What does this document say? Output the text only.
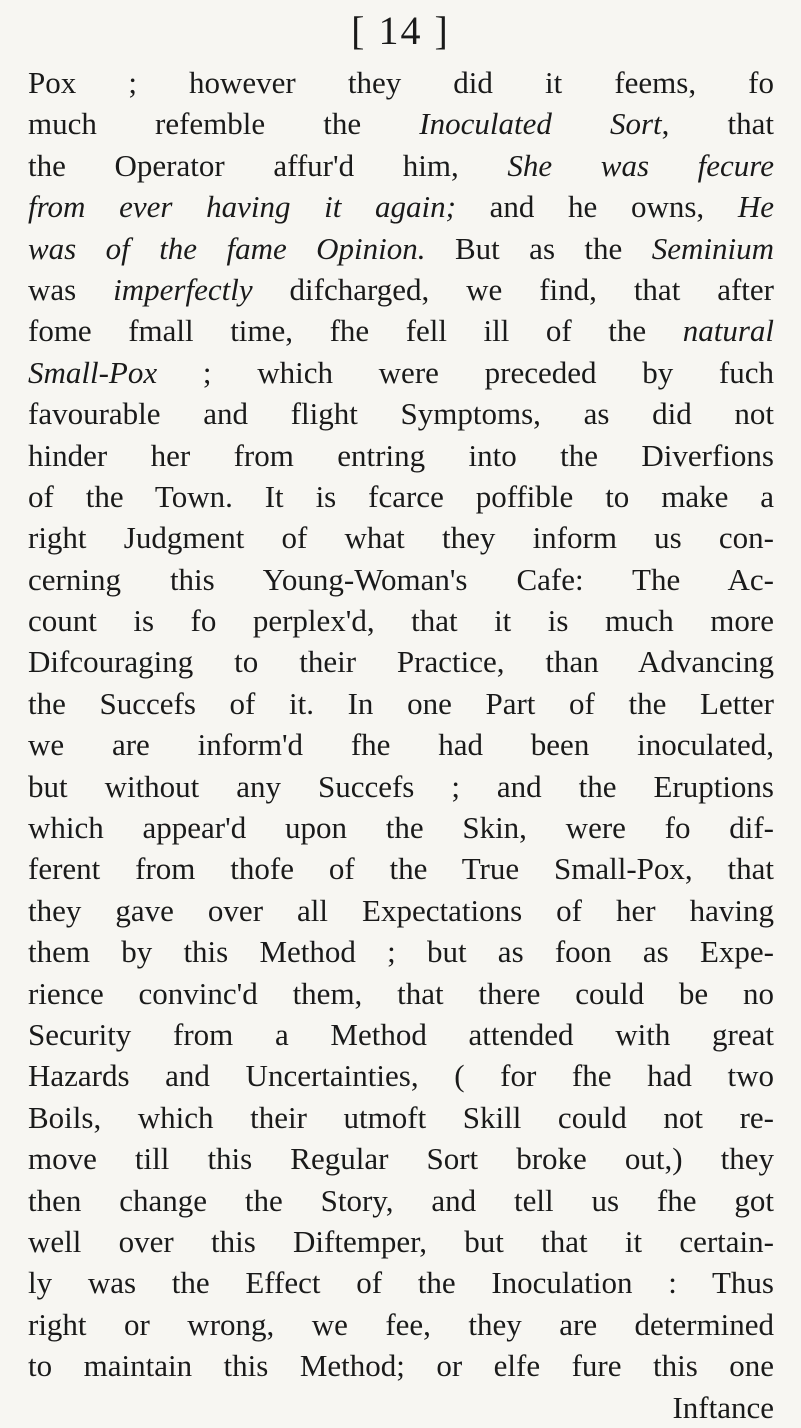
[ 14 ]
Pox ; however they did it feems, fo
much refemble the Inoculated Sort, that
the Operator affur'd him, She was fecure
from ever having it again; and he owns, He
was of the fame Opinion. But as the Seminium
was imperfectly difcharged, we find, that after
fome fmall time, fhe fell ill of the natural
Small-Pox ; which were preceded by fuch
favourable and flight Symptoms, as did not
hinder her from entring into the Diverfions
of the Town. It is fcarce poffible to make a
right Judgment of what they inform us con-
cerning this Young-Woman's Cafe: The Ac-
count is fo perplex'd, that it is much more
Difcouraging to their Practice, than Advancing
the Succefs of it. In one Part of the Letter
we are inform'd fhe had been inoculated,
but without any Succefs ; and the Eruptions
which appear'd upon the Skin, were fo dif-
ferent from thofe of the True Small-Pox, that
they gave over all Expectations of her having
them by this Method ; but as foon as Expe-
rience convinc'd them, that there could be no
Security from a Method attended with great
Hazards and Uncertainties, ( for fhe had two
Boils, which their utmoft Skill could not re-
move till this Regular Sort broke out,) they
then change the Story, and tell us fhe got
well over this Diftemper, but that it certain-
ly was the Effect of the Inoculation : Thus
right or wrong, we fee, they are determined
to maintain this Method; or elfe fure this one
Inftance
